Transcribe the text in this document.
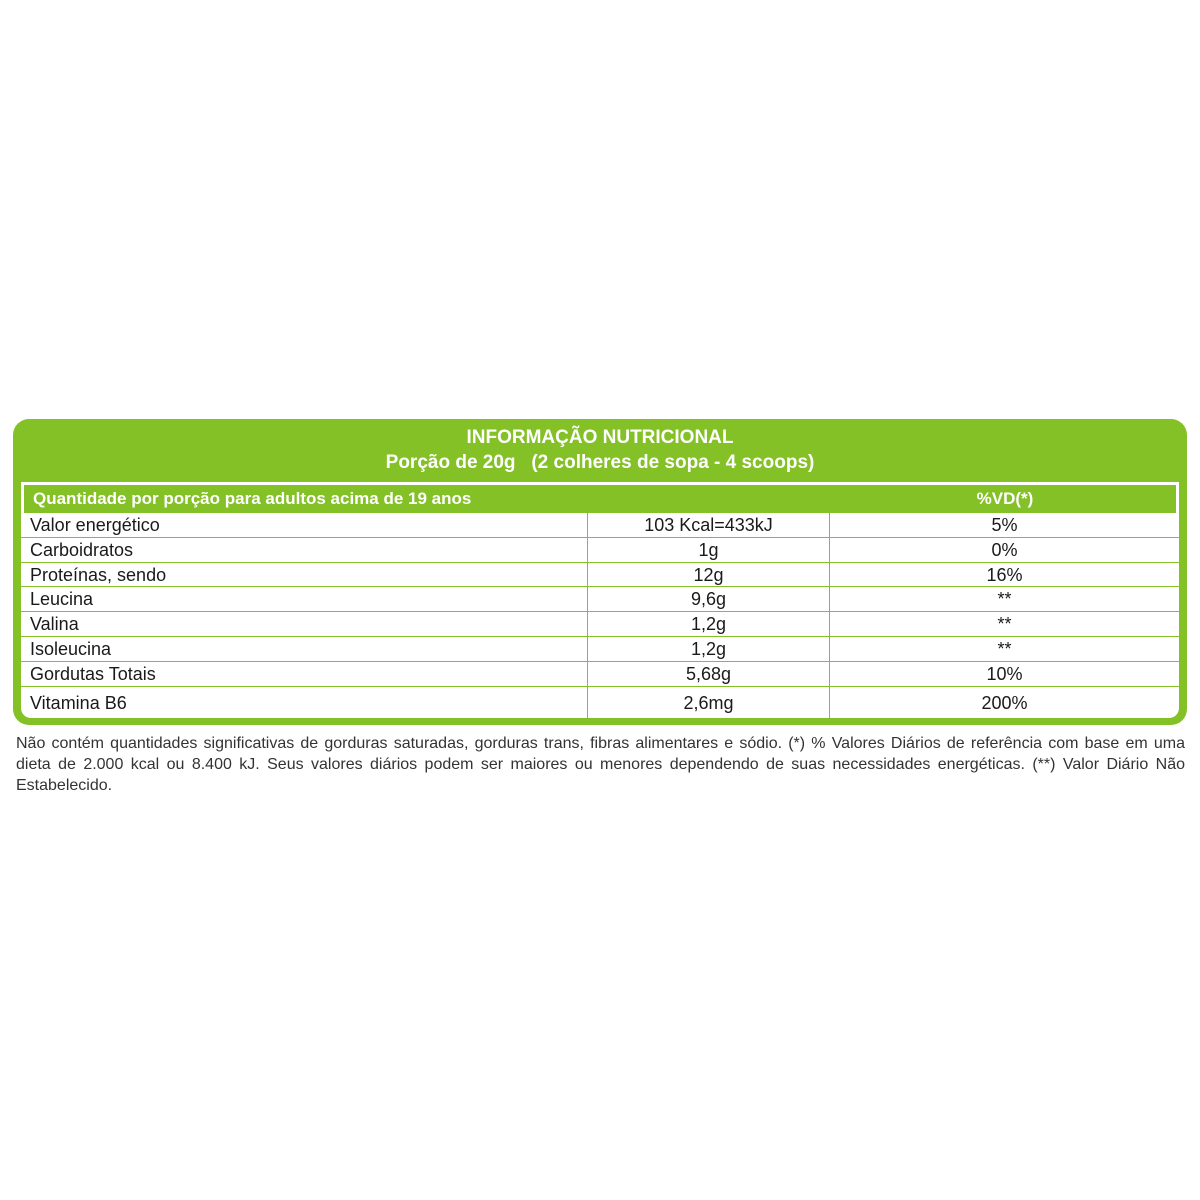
INFORMAÇÃO NUTRICIONAL
Porção de 20g   (2 colheres de sopa - 4 scoops)
Quantidade por porção para adultos acima de 19 anos	%VD(*)
Valor energético	103 Kcal=433kJ	5%
Carboidratos	1g	0%
Proteínas, sendo	12g	16%
Leucina	9,6g	**
Valina	1,2g	**
Isoleucina	1,2g	**
Gordutas Totais	5,68g	10%
Vitamina B6	2,6mg	200%
Não contém quantidades significativas de gorduras saturadas, gorduras trans, fibras alimentares e sódio. (*) % Valores Diários de referência com base em uma dieta de 2.000 kcal ou 8.400 kJ. Seus valores diários podem ser maiores ou menores dependendo de suas necessidades energéticas. (**) Valor Diário Não Estabelecido.
